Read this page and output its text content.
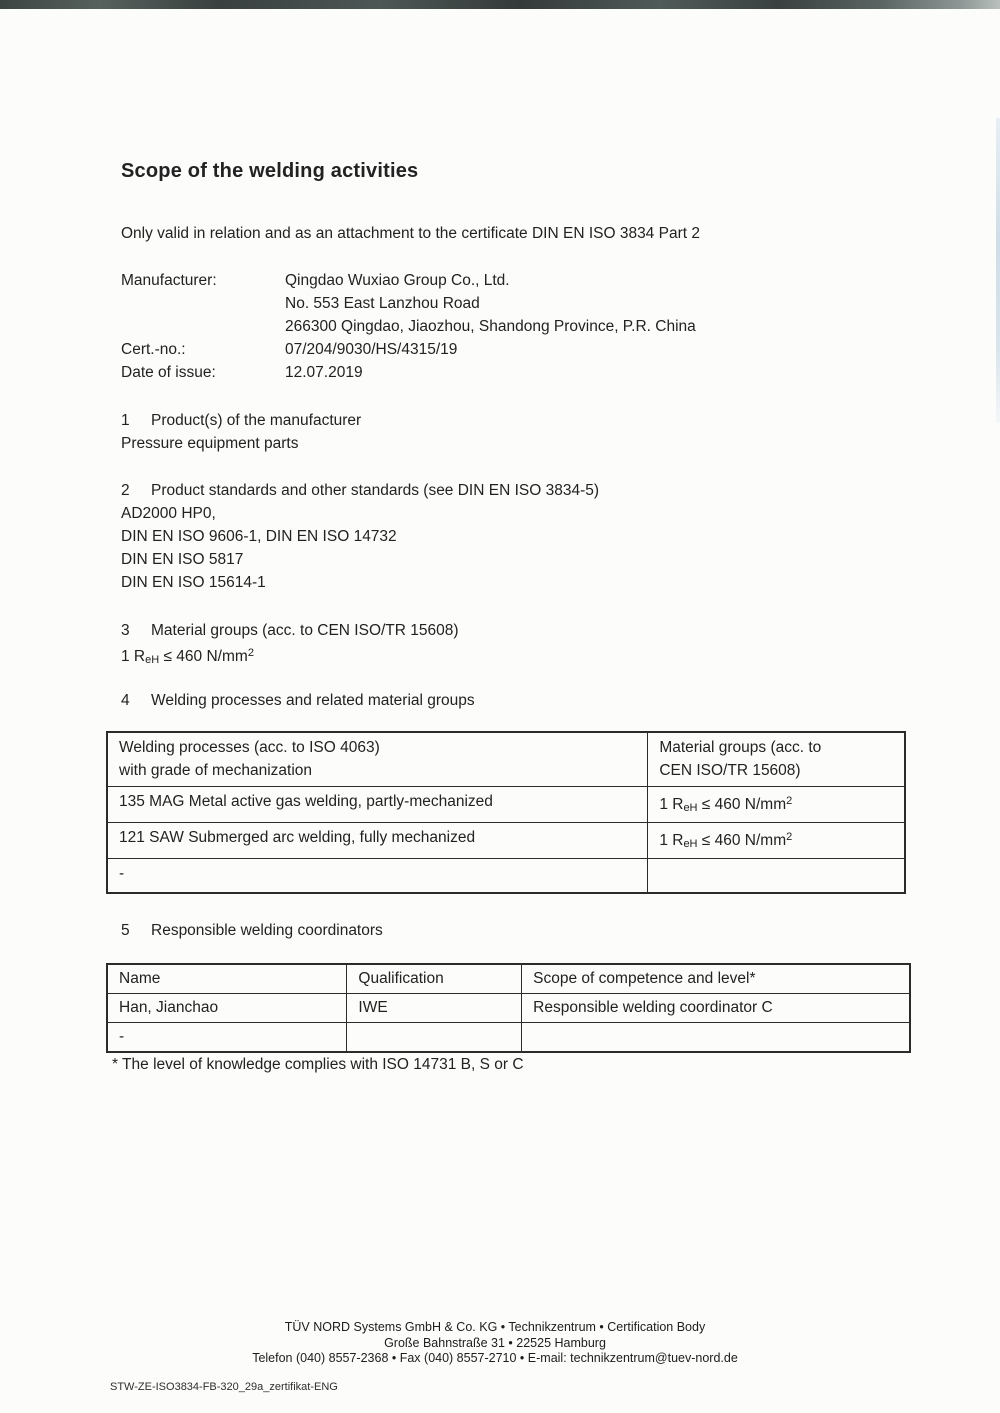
Scope of the welding activities
Only valid in relation and as an attachment to the certificate DIN EN ISO 3834 Part 2
Manufacturer:	Qingdao Wuxiao Group Co., Ltd.
No. 553 East Lanzhou Road
266300 Qingdao, Jiaozhou, Shandong Province, P.R. China
Cert.-no.:	07/204/9030/HS/4315/19
Date of issue:	12.07.2019
1	Product(s) of the manufacturer
Pressure equipment parts
2	Product standards and other standards (see DIN EN ISO 3834-5)
AD2000 HP0,
DIN EN ISO 9606-1, DIN EN ISO 14732
DIN EN ISO 5817
DIN EN ISO 15614-1
3	Material groups (acc. to CEN ISO/TR 15608)
1 $R_{eH} \le 460$ $N/mm^2$
4	Welding processes and related material groups
Welding processes (acc. to ISO 4063)
with grade of mechanization

Material groups (acc. to
CEN ISO/TR 15608)

135 MAG Metal active gas welding, partly-mechanized	1 $R_{eH} \le 460$ $N/mm^2$
121 SAW Submerged arc welding, fully mechanized	1 $R_{eH} \le 460$ $N/mm^2$
-	
5	Responsible welding coordinators
Name	Qualification	Scope of competence and level*
Han, Jianchao	IWE	Responsible welding coordinator C
-		
* The level of knowledge complies with ISO 14731 B, S or C
TÜV NORD Systems GmbH & Co. KG • Technikzentrum • Certification Body
Große Bahnstraße 31 • 22525 Hamburg
Telefon (040) 8557-2368 • Fax (040) 8557-2710 • E-mail: technikzentrum@tuev-nord.de
STW-ZE-ISO3834-FB-320_29a_zertifikat-ENG
